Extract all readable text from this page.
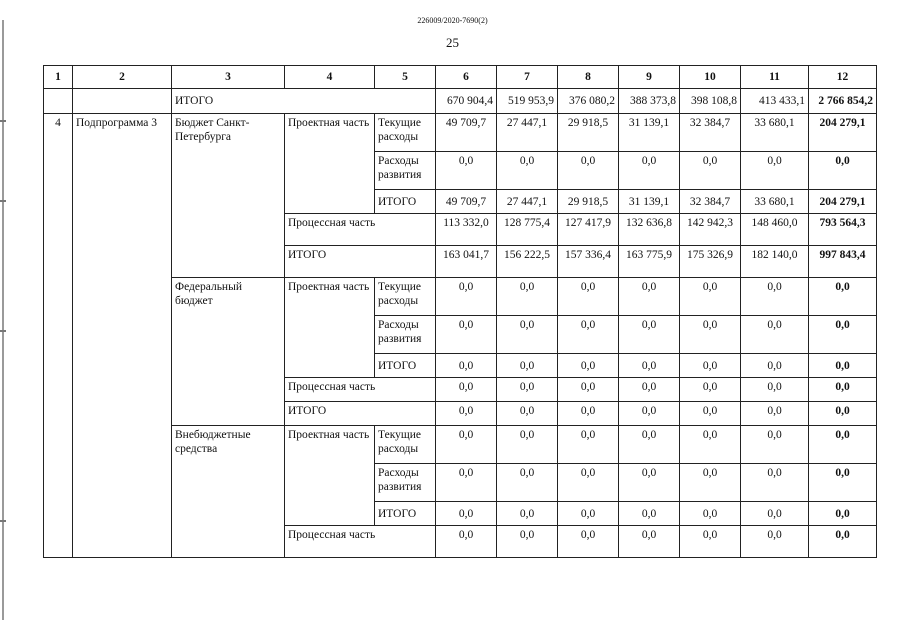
226009/2020-7690(2)
25
1	2	3	4	5	6	7	8	9	10	11	12
		ИТОГО			670 904,4	519 953,9	376 080,2	388 373,8	398 108,8	413 433,1	2 766 854,2
4	Подпрограмма 3	Бюджет Санкт-Петербурга	Проектная часть	Текущие расходы	49 709,7	27 447,1	29 918,5	31 139,1	32 384,7	33 680,1	204 279,1
				Расходы развития	0,0	0,0	0,0	0,0	0,0	0,0	0,0
				ИТОГО	49 709,7	27 447,1	29 918,5	31 139,1	32 384,7	33 680,1	204 279,1
			Процессная часть		113 332,0	128 775,4	127 417,9	132 636,8	142 942,3	148 460,0	793 564,3
			ИТОГО		163 041,7	156 222,5	157 336,4	163 775,9	175 326,9	182 140,0	997 843,4
		Федеральный бюджет	Проектная часть	Текущие расходы	0,0	0,0	0,0	0,0	0,0	0,0	0,0
				Расходы развития	0,0	0,0	0,0	0,0	0,0	0,0	0,0
				ИТОГО	0,0	0,0	0,0	0,0	0,0	0,0	0,0
			Процессная часть		0,0	0,0	0,0	0,0	0,0	0,0	0,0
			ИТОГО		0,0	0,0	0,0	0,0	0,0	0,0	0,0
		Внебюджетные средства	Проектная часть	Текущие расходы	0,0	0,0	0,0	0,0	0,0	0,0	0,0
				Расходы развития	0,0	0,0	0,0	0,0	0,0	0,0	0,0
				ИТОГО	0,0	0,0	0,0	0,0	0,0	0,0	0,0
			Процессная часть		0,0	0,0	0,0	0,0	0,0	0,0	0,0
